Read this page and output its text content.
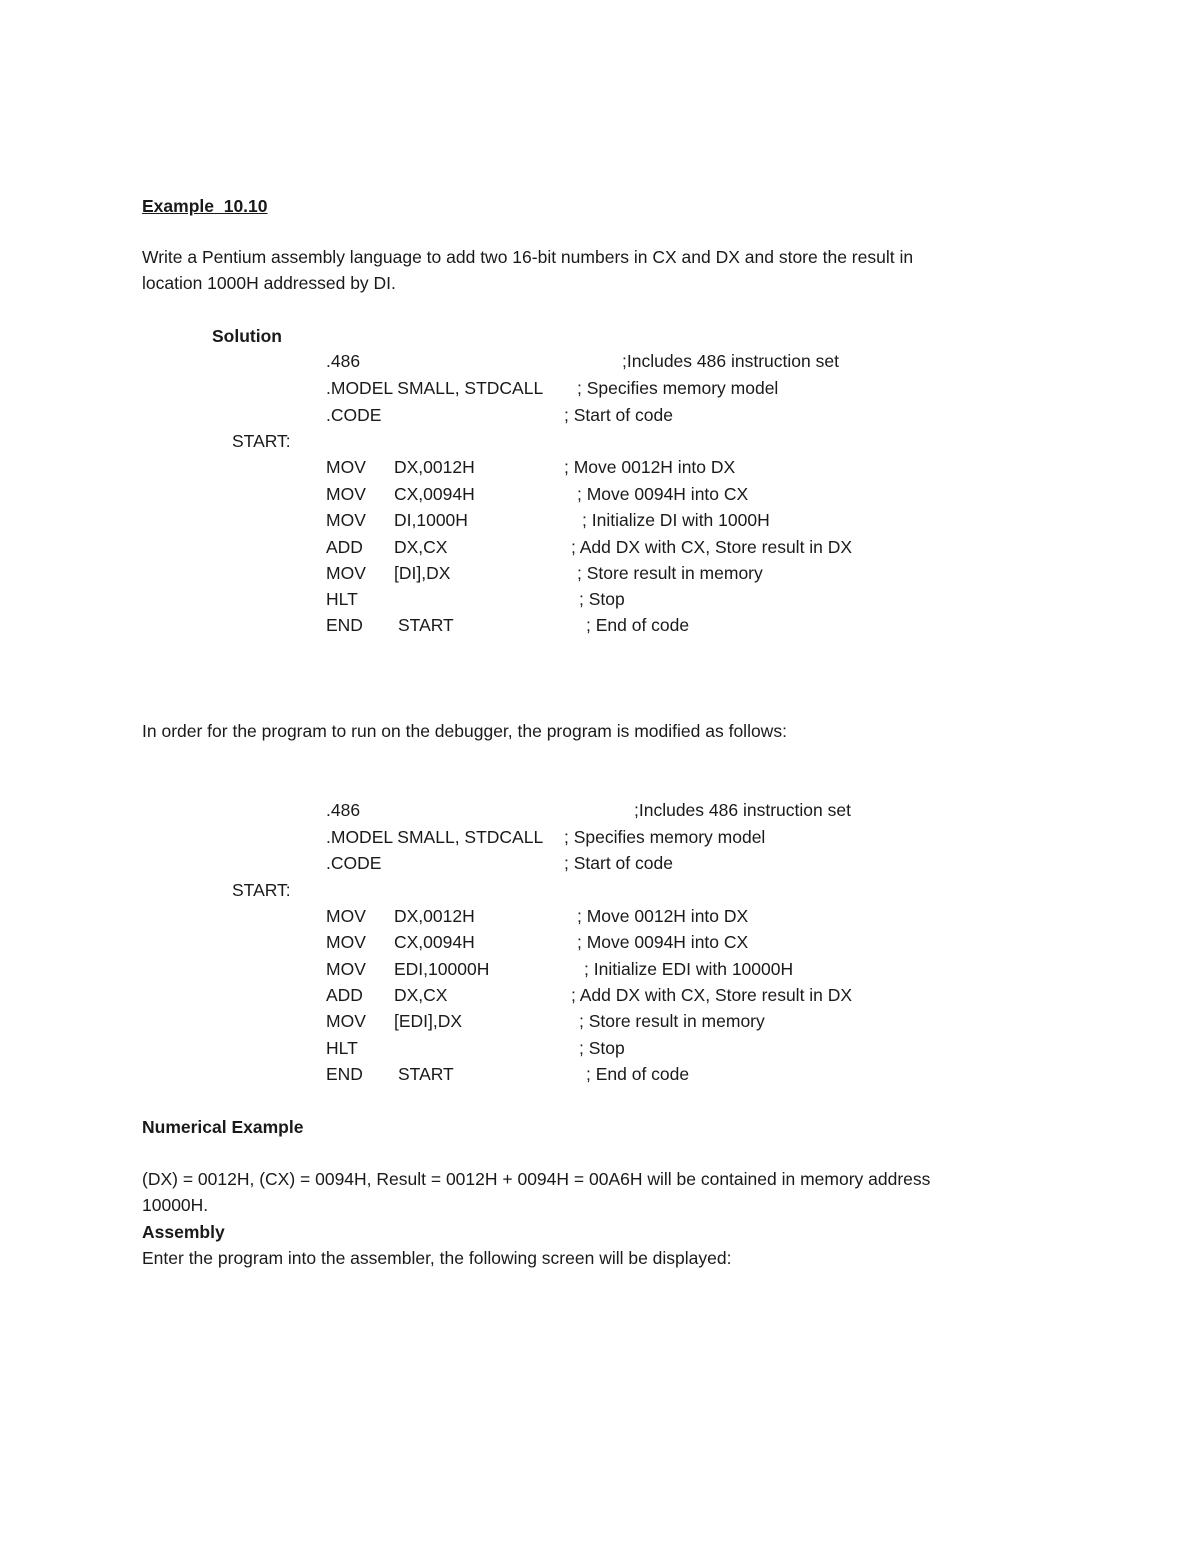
Example  10.10

Write a Pentium assembly language to add two 16-bit numbers in CX and DX and store the result in

location 1000H addressed by DI.

Solution

.486	;Includes 486 instruction set

.MODEL SMALL, STDCALL ; Specifies memory model

.CODE	; Start of code

START:

MOV DX,0012H	; Move 0012H into DX

MOV CX,0094H	; Move 0094H into CX

MOV DI,1000H	; Initialize DI with 1000H

ADD DX,CX	; Add DX with CX, Store result in DX

MOV [DI],DX	; Store result in memory

HLT	; Stop

END START	; End of code

In order for the program to run on the debugger, the program is modified as follows:

.486	;Includes 486 instruction set

.MODEL SMALL, STDCALL ; Specifies memory model

.CODE	; Start of code

START:

MOV DX,0012H	; Move 0012H into DX

MOV CX,0094H	; Move 0094H into CX

MOV EDI,10000H	; Initialize EDI with 10000H

ADD DX,CX	; Add DX with CX, Store result in DX

MOV [EDI],DX	; Store result in memory

HLT	; Stop

END START	; End of code

Numerical Example

(DX) = 0012H, (CX) = 0094H, Result = 0012H + 0094H = 00A6H will be contained in memory address

10000H.

Assembly

Enter the program into the assembler, the following screen will be displayed:
